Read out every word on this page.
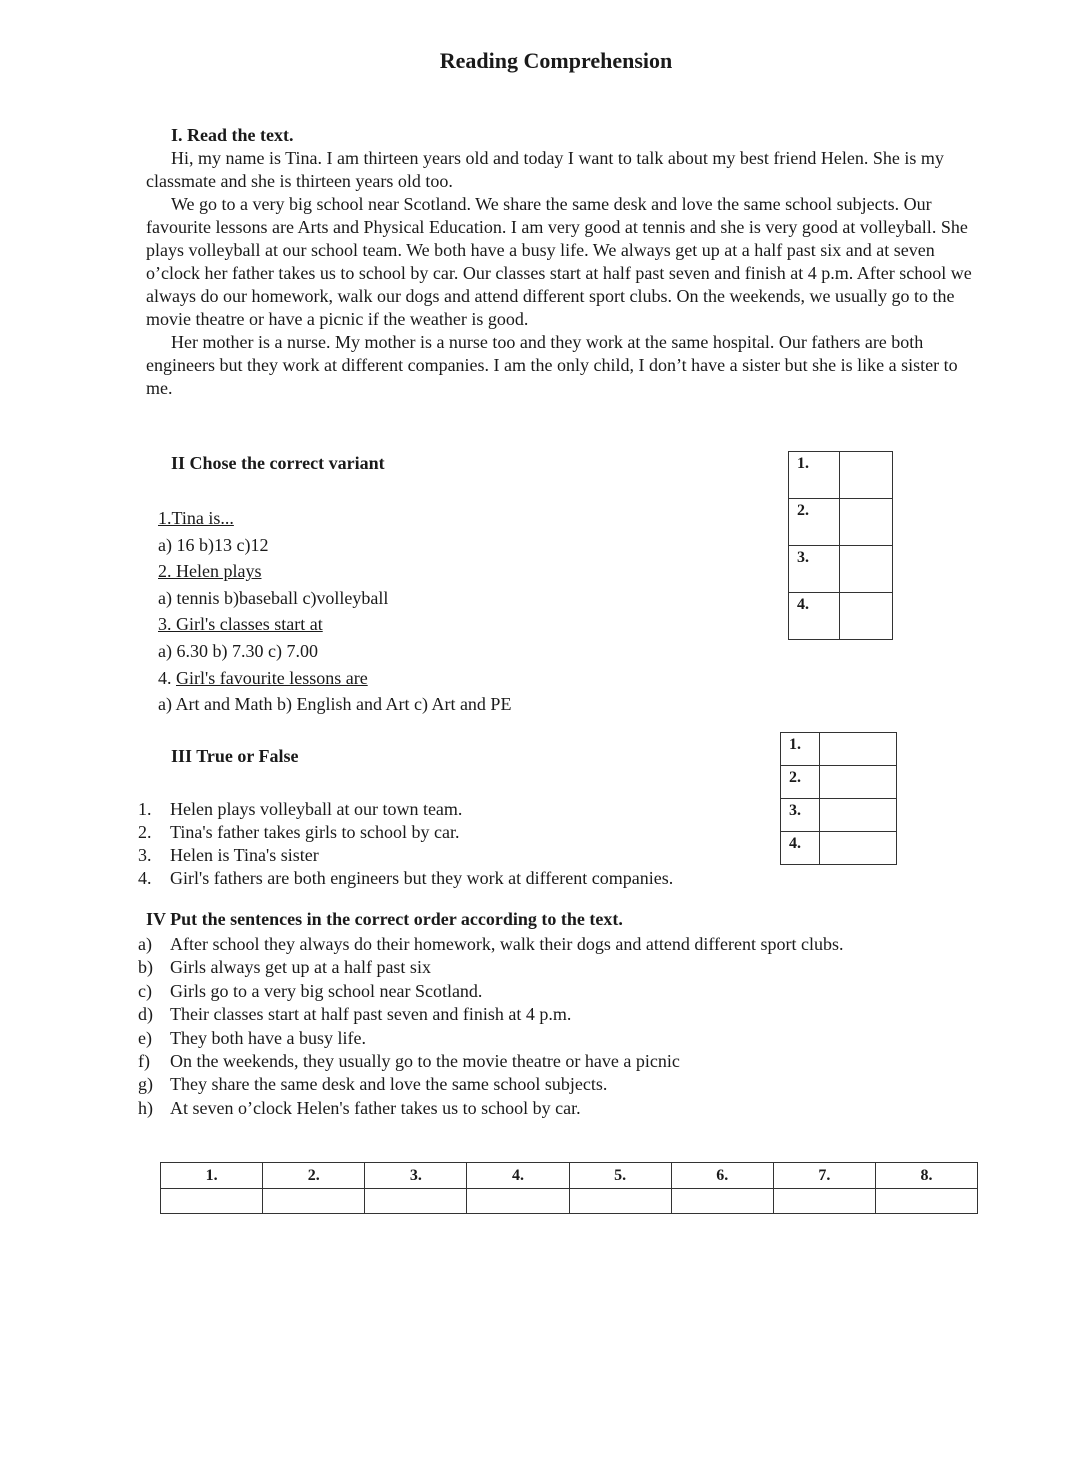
Reading Comprehension
I. Read the text.

Hi, my name is Tina. I am thirteen years old and today I want to talk about my best friend Helen. She is my classmate and she is thirteen years old too.

We go to a very big school near Scotland. We share the same desk and love the same school subjects. Our favourite lessons are Arts and Physical Education. I am very good at tennis and she is very good at volleyball. She plays volleyball at our school team. We both have a busy life. We always get up at a half past six and at seven o’clock her father takes us to school by car. Our classes start at half past seven and finish at 4 p.m. After school we always do our homework, walk our dogs and attend different sport clubs. On the weekends, we usually go to the movie theatre or have a picnic if the weather is good.

Her mother is a nurse. My mother is a nurse too and they work at the same hospital. Our fathers are both engineers but they work at different companies. I am the only child, I don’t have a sister but she is like a sister to me.

II Chose the correct variant
1.Tina is...
a) 16 b)13 c)12
2. Helen plays
a) tennis b)baseball c)volleyball
3. Girl's classes start at
a) 6.30 b) 7.30 c) 7.00
4. Girl's favourite lessons are
a) Art and Math b) English and Art c) Art and PE
1.	
2.	
3.	
4.	
III True or False
1.	Helen plays volleyball at our town team.
2.	Tina's father takes girls to school by car.
3.	Helen is Tina's sister
4.	Girl's fathers are both engineers but they work at different companies.
1.	
2.	
3.	
4.	
IV Put the sentences in the correct order according to the text.
a)	After school they always do their homework, walk their dogs and attend different sport clubs.
b) Girls always get up at a half past six
c)	Girls go to a very big school near Scotland.
d) Their classes start at half past seven and finish at 4 p.m.
e)	They both have a busy life.
f)	On the weekends, they usually go to the movie theatre or have a picnic
g) They share the same desk and love the same school subjects.
h) At seven o’clock Helen's father takes us to school by car.
1.	2.	3.	4.	5.	6.	7.	8.
